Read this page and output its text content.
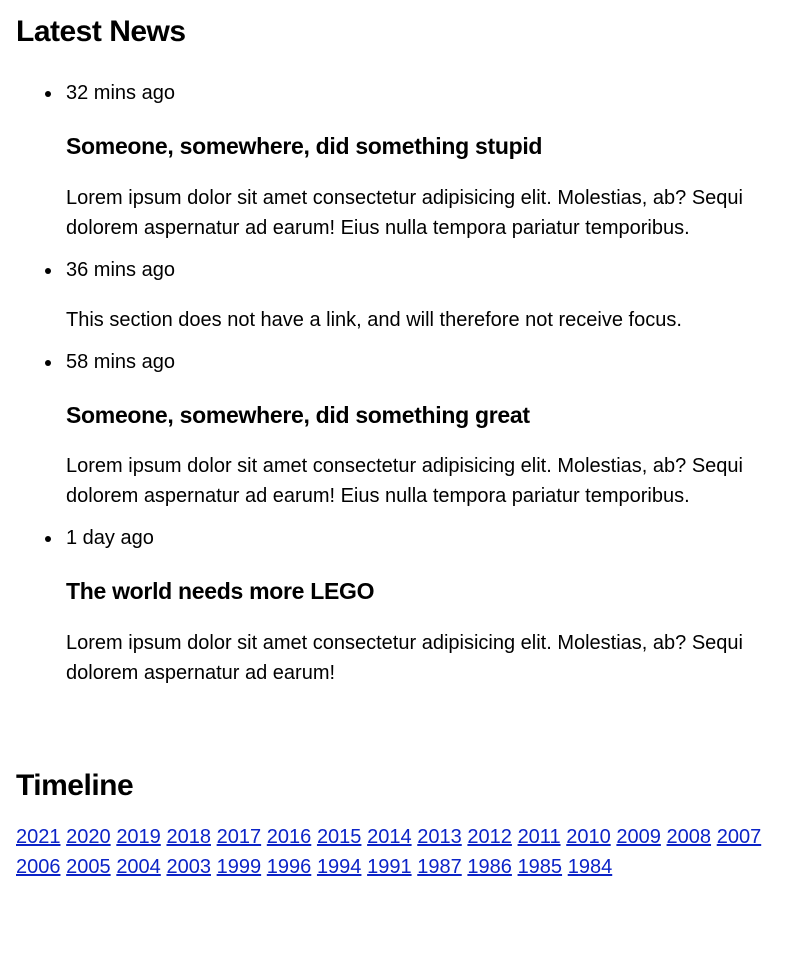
Latest News
32 mins ago
Someone, somewhere, did something stupid

Lorem ipsum dolor sit amet consectetur adipisicing elit. Molestias, ab? Sequi dolorem aspernatur ad earum! Eius nulla tempora pariatur temporibus.

36 mins ago

This section does not have a link, and will therefore not receive focus.

58 mins ago
Someone, somewhere, did something great

Lorem ipsum dolor sit amet consectetur adipisicing elit. Molestias, ab? Sequi dolorem aspernatur ad earum! Eius nulla tempora pariatur temporibus.

1 day ago
The world needs more LEGO

Lorem ipsum dolor sit amet consectetur adipisicing elit. Molestias, ab? Sequi dolorem aspernatur ad earum!

Timeline
2021 2020 2019 2018 2017 2016 2015 2014 2013 2012 2011 2010 2009 2008 2007 2006 2005 2004 2003 1999 1996 1994 1991 1987 1986 1985 1984
